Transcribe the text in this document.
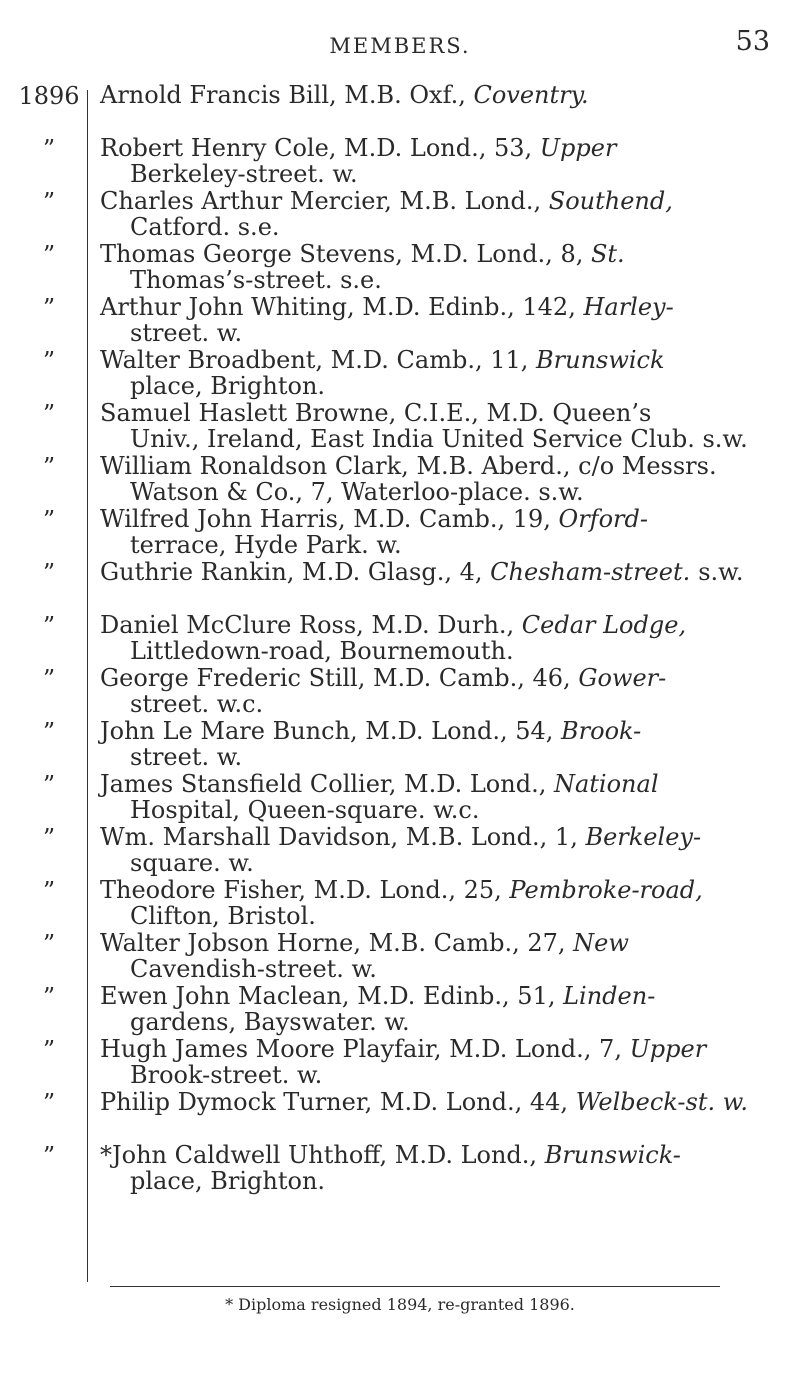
MEMBERS.	53
1896 Arnold Francis Bill, M.B. Oxf., Coventry.
”	Robert Henry Cole, M.D. Lond., 53, Upper
Berkeley-street. w.
”	Charles Arthur Mercier, M.B. Lond., Southend,
Catford. s.e.
”	Thomas George Stevens, M.D. Lond., 8, St.
Thomas’s-street. s.e.
”	Arthur John Whiting, M.D. Edinb., 142, Harley-
street. w.
”	Walter Broadbent, M.D. Camb., 11, Brunswick
place, Brighton.
”	Samuel Haslett Browne, C.I.E., M.D. Queen’s
Univ., Ireland, East India United Service Club. s.w.
”	William Ronaldson Clark, M.B. Aberd., c/o Messrs.
Watson & Co., 7, Waterloo-place. s.w.
”	Wilfred John Harris, M.D. Camb., 19, Orford-
terrace, Hyde Park. w.
”	Guthrie Rankin, M.D. Glasg., 4, Chesham-street. s.w.
”	Daniel McClure Ross, M.D. Durh., Cedar Lodge,
Littledown-road, Bournemouth.
”	George Frederic Still, M.D. Camb., 46, Gower-
street. w.c.
”	John Le Mare Bunch, M.D. Lond., 54, Brook-
street. w.
”	James Stansfield Collier, M.D. Lond., National
Hospital, Queen-square. w.c.
”	Wm. Marshall Davidson, M.B. Lond., 1, Berkeley-
square. w.
”	Theodore Fisher, M.D. Lond., 25, Pembroke-road,
Clifton, Bristol.
”	Walter Jobson Horne, M.B. Camb., 27, New
Cavendish-street. w.
”	Ewen John Maclean, M.D. Edinb., 51, Linden-
gardens, Bayswater. w.
”	Hugh James Moore Playfair, M.D. Lond., 7, Upper
Brook-street. w.
”	Philip Dymock Turner, M.D. Lond., 44, Welbeck-st. w.
”	*John Caldwell Uhthoff, M.D. Lond., Brunswick-
place, Brighton.
* Diploma resigned 1894, re-granted 1896.
